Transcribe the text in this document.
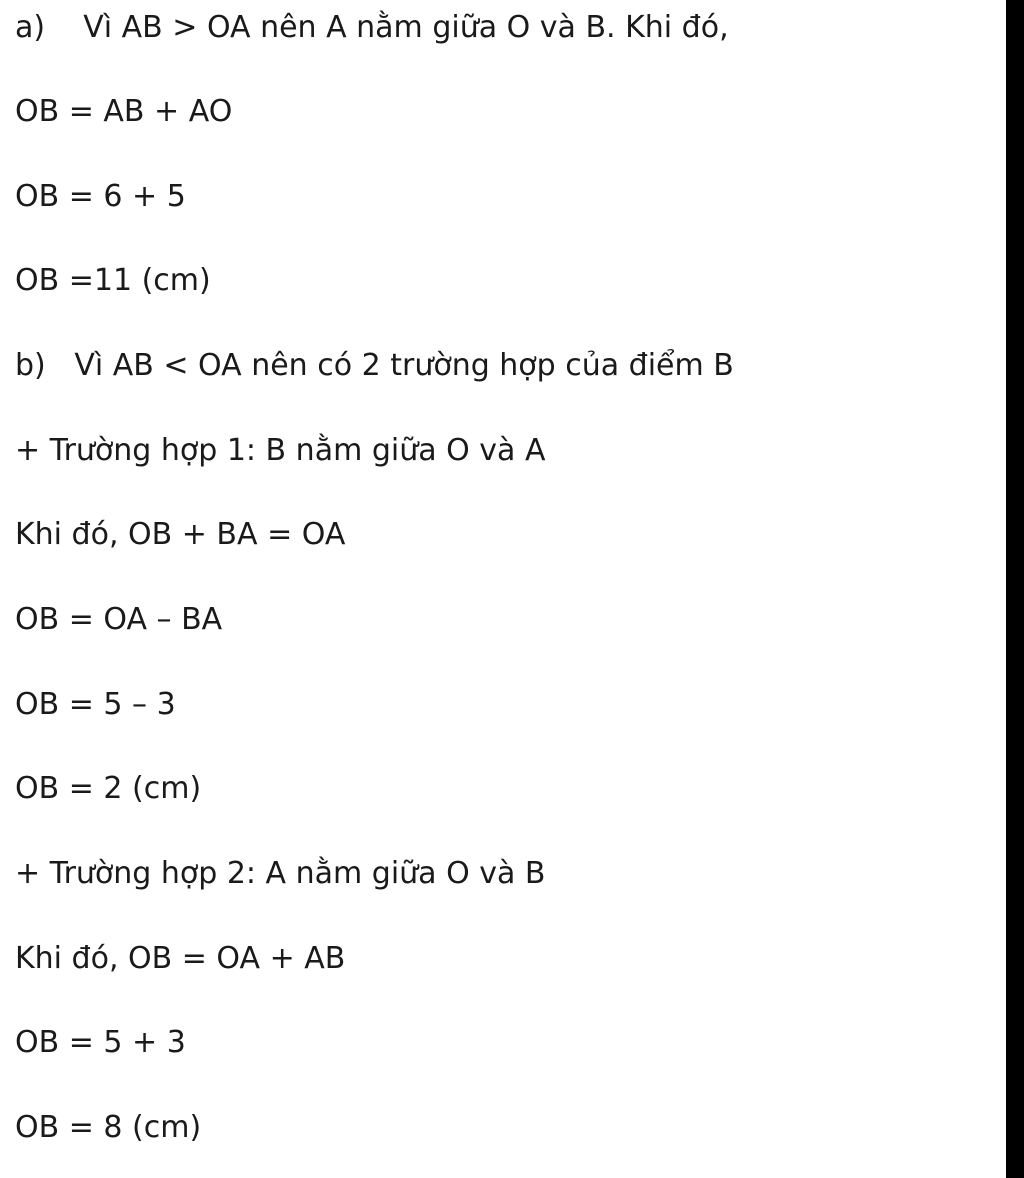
a)    Vì AB > OA nên A nằm giữa O và B. Khi đó,
OB = AB + AO
OB = 6 + 5
OB =11 (cm)
b)   Vì AB < OA nên có 2 trường hợp của điểm B
+ Trường hợp 1: B nằm giữa O và A
Khi đó, OB + BA = OA
OB = OA – BA
OB = 5 – 3
OB = 2 (cm)
+ Trường hợp 2: A nằm giữa O và B
Khi đó, OB = OA + AB
OB = 5 + 3
OB = 8 (cm)
